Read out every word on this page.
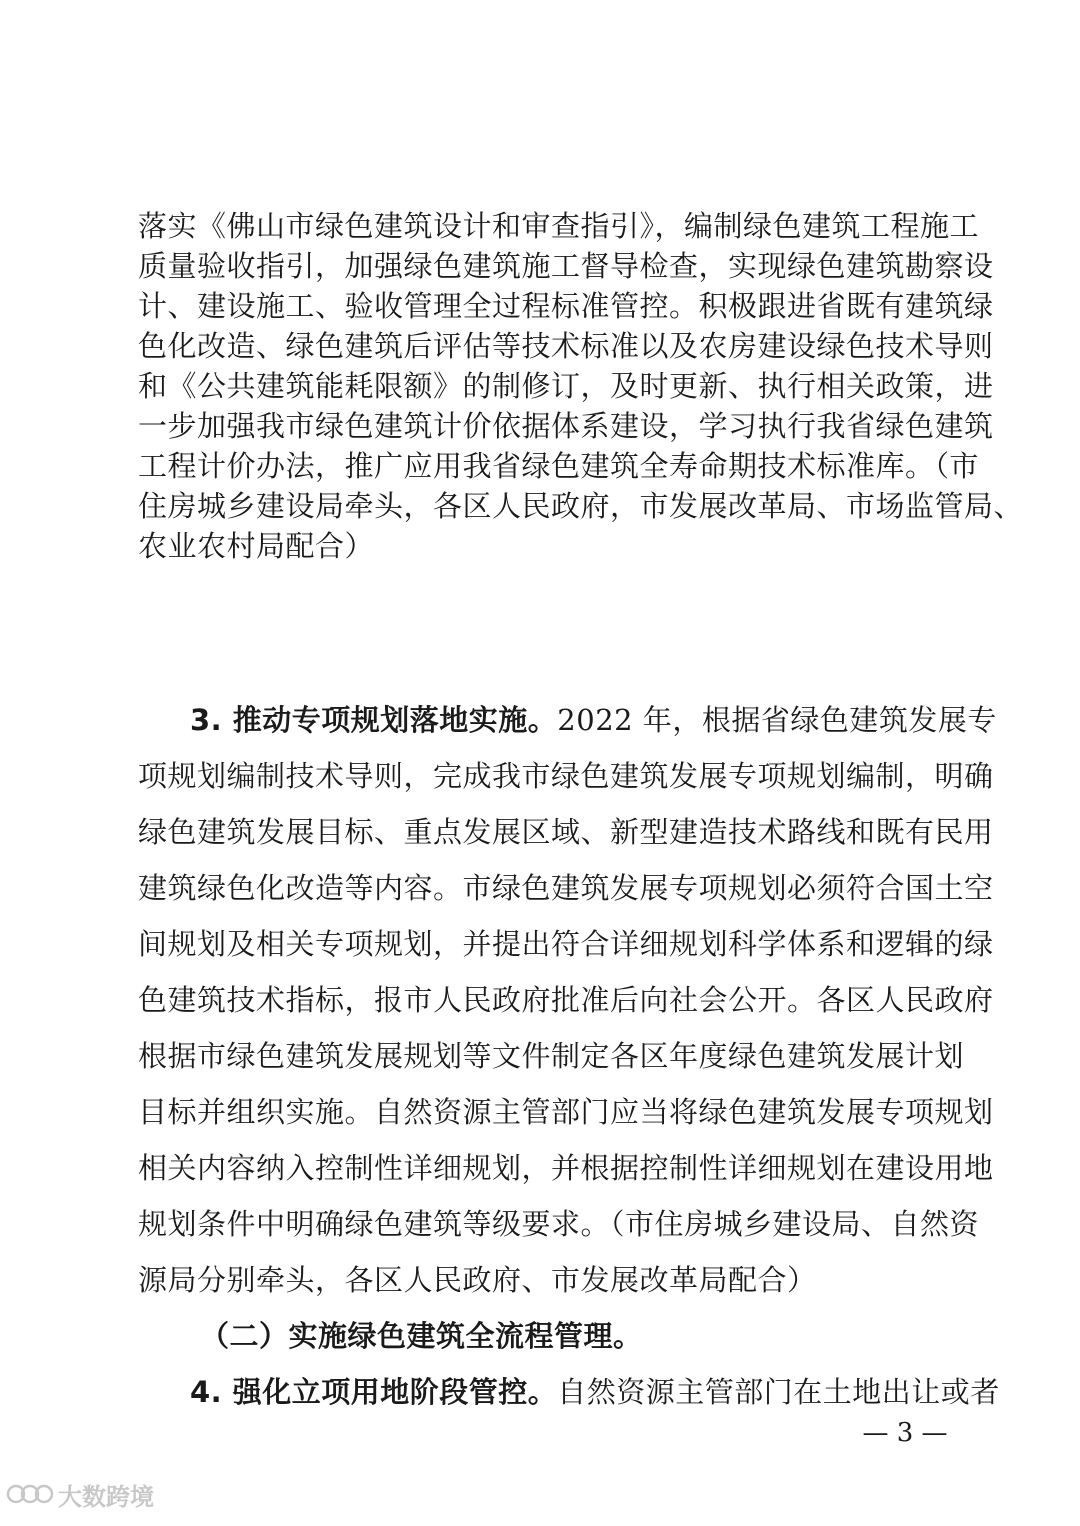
落实《佛山市绿色建筑设计和审查指引》，编制绿色建筑工程施工
质量验收指引，加强绿色建筑施工督导检查，实现绿色建筑勘察设
计、建设施工、验收管理全过程标准管控。积极跟进省既有建筑绿
色化改造、绿色建筑后评估等技术标准以及农房建设绿色技术导则
和《公共建筑能耗限额》的制修订，及时更新、执行相关政策，进
一步加强我市绿色建筑计价依据体系建设，学习执行我省绿色建筑
工程计价办法，推广应用我省绿色建筑全寿命期技术标准库。（市
住房城乡建设局牵头，各区人民政府，市发展改革局、市场监管局、
农业农村局配合）
3. 推动专项规划落地实施。2022 年，根据省绿色建筑发展专
项规划编制技术导则，完成我市绿色建筑发展专项规划编制，明确
绿色建筑发展目标、重点发展区域、新型建造技术路线和既有民用
建筑绿色化改造等内容。市绿色建筑发展专项规划必须符合国土空
间规划及相关专项规划，并提出符合详细规划科学体系和逻辑的绿
色建筑技术指标，报市人民政府批准后向社会公开。各区人民政府
根据市绿色建筑发展规划等文件制定各区年度绿色建筑发展计划
目标并组织实施。自然资源主管部门应当将绿色建筑发展专项规划
相关内容纳入控制性详细规划，并根据控制性详细规划在建设用地
规划条件中明确绿色建筑等级要求。（市住房城乡建设局、自然资
源局分别牵头，各区人民政府、市发展改革局配合）
（二）实施绿色建筑全流程管理。
4. 强化立项用地阶段管控。自然资源主管部门在土地出让或者
— 3 —
大数跨境
